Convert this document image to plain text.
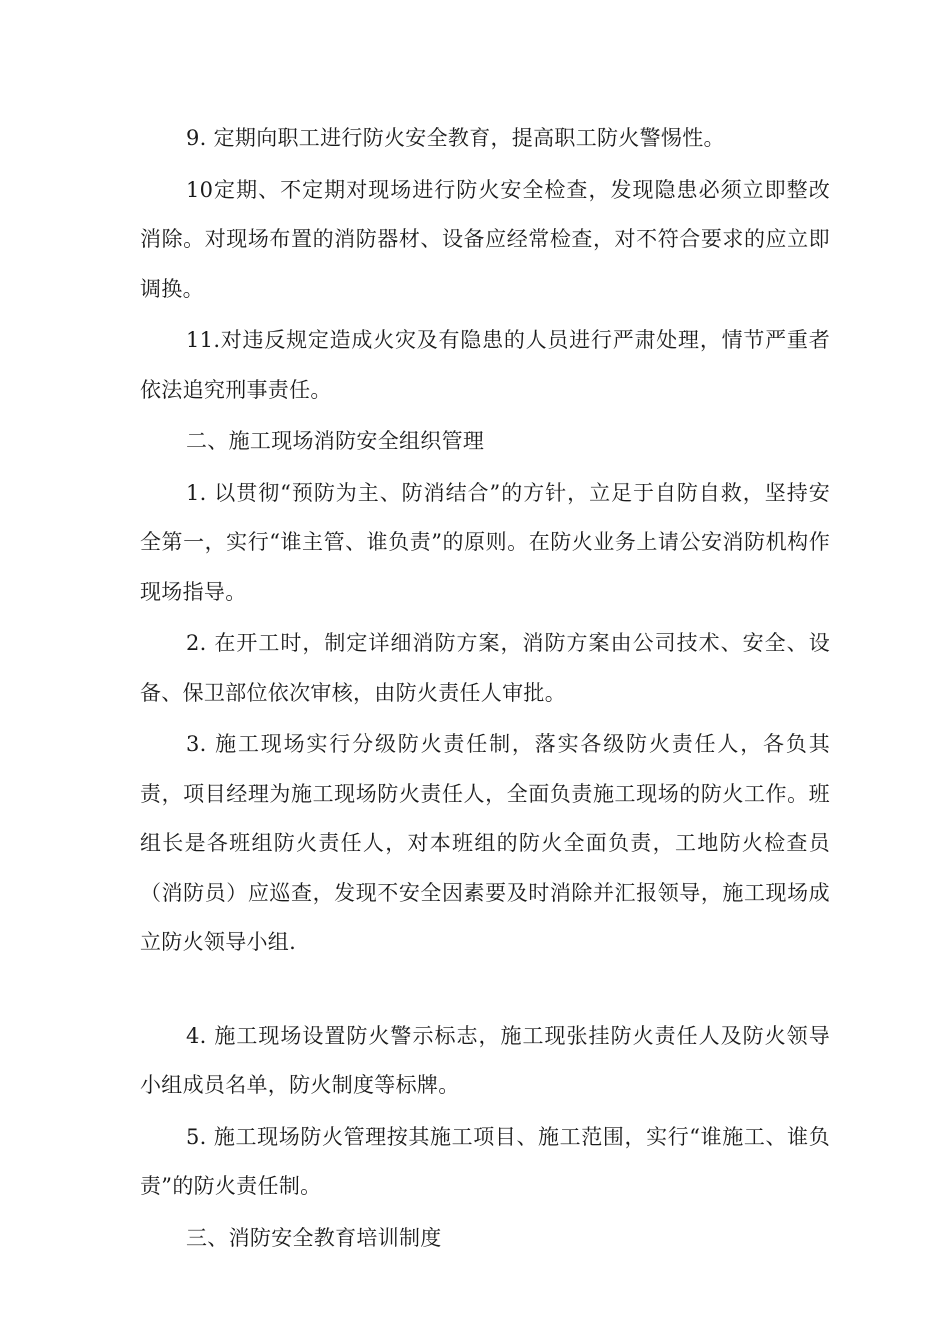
9. 定期向职工进行防火安全教育，提高职工防火警惕性。

10定期、不定期对现场进行防火安全检查，发现隐患必须立即整改消除。对现场布置的消防器材、设备应经常检查，对不符合要求的应立即调换。

11.对违反规定造成火灾及有隐患的人员进行严肃处理，情节严重者依法追究刑事责任。

二、施工现场消防安全组织管理

1. 以贯彻“预防为主、防消结合”的方针，立足于自防自救，坚持安全第一，实行“谁主管、谁负责”的原则。在防火业务上请公安消防机构作现场指导。

2. 在开工时，制定详细消防方案，消防方案由公司技术、安全、设备、保卫部位依次审核，由防火责任人审批。

3. 施工现场实行分级防火责任制，落实各级防火责任人，各负其责，项目经理为施工现场防火责任人，全面负责施工现场的防火工作。班组长是各班组防火责任人，对本班组的防火全面负责，工地防火检查员（消防员）应巡查，发现不安全因素要及时消除并汇报领导，施工现场成立防火领导小组.

4. 施工现场设置防火警示标志，施工现张挂防火责任人及防火领导小组成员名单，防火制度等标牌。

5. 施工现场防火管理按其施工项目、施工范围，实行“谁施工、谁负责”的防火责任制。

三、消防安全教育培训制度
